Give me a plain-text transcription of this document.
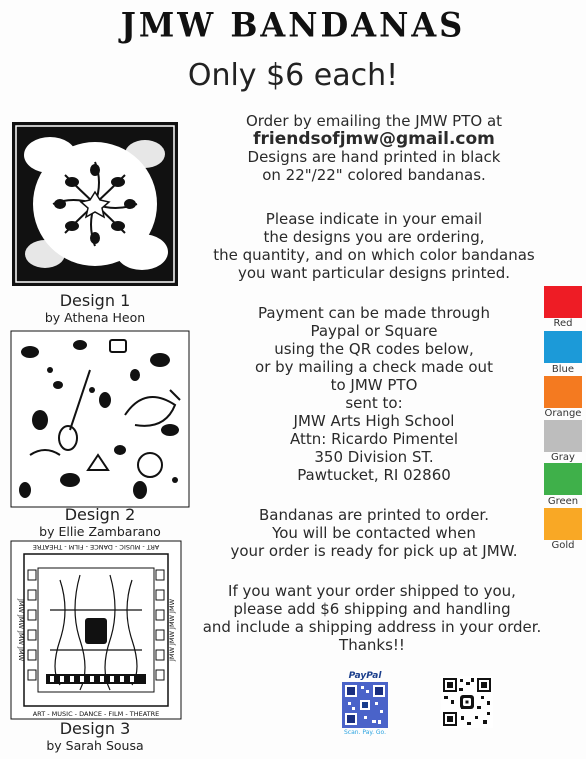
JMW BANDANAS
Only $6 each!
Design 1
by Athena Heon
Design 2
by Ellie Zambarano
ART - MUSIC - DANCE - FILM - THEATRE
ART - MUSIC - DANCE - FILM - THEATRE
JMW JMW JMW JMW	JMW JMW JMW JMW
Design 3
by Sarah Sousa
Order by emailing the JMW PTO at
friendsofjmw@gmail.com
Designs are hand printed in black
on 22"/22" colored bandanas.
Please indicate in your email
the designs you are ordering,
the quantity, and on which color bandanas
you want particular designs printed.
Payment can be made through
Paypal or Square
using the QR codes below,
or by mailing a check made out
to JMW PTO
sent to:
JMW Arts High School
Attn: Ricardo Pimentel
350 Division ST.
Pawtucket, RI 02860
Bandanas are printed to order.
You will be contacted when
your order is ready for pick up at JMW.
If you want your order shipped to you,
please add $6 shipping and handling
and include a shipping address in your order.
Thanks!!
Red
Blue
Orange
Gray
Green
Gold
PayPal
Scan. Pay. Go.
